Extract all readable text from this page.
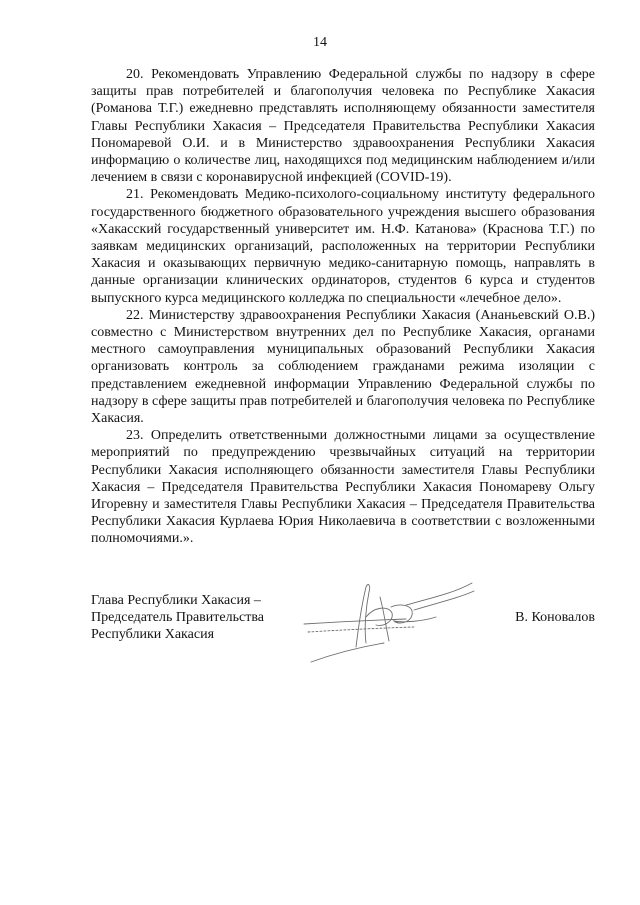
14

20. Рекомендовать Управлению Федеральной службы по надзору в сфере защиты прав потребителей и благополучия человека по Республике Хакасия (Романова Т.Г.) ежедневно представлять исполняющему обязанности заместителя Главы Республики Хакасия – Председателя Правительства Республики Хакасия Пономаревой О.И. и в Министерство здравоохранения Республики Хакасия информацию о количестве лиц, находящихся под медицинским наблюдением и/или лечением в связи с коронавирусной инфекцией (COVID-19).

21. Рекомендовать Медико-психолого-социальному институту федерального государственного бюджетного образовательного учреждения высшего образования «Хакасский государственный университет им. Н.Ф. Катанова» (Краснова Т.Г.) по заявкам медицинских организаций, расположенных на территории Республики Хакасия и оказывающих первичную медико-санитарную помощь, направлять в данные организации клинических ординаторов, студентов 6 курса и студентов выпускного курса медицинского колледжа по специальности «лечебное дело».

22. Министерству здравоохранения Республики Хакасия (Ананьевский О.В.) совместно с Министерством внутренних дел по Республике Хакасия, органами местного самоуправления муниципальных образований Республики Хакасия организовать контроль за соблюдением гражданами режима изоляции с представлением ежедневной информации Управлению Федеральной службы по надзору в сфере защиты прав потребителей и благополучия человека по Республике Хакасия.

23. Определить ответственными должностными лицами за осуществление мероприятий по предупреждению чрезвычайных ситуаций на территории Республики Хакасия исполняющего обязанности заместителя Главы Республики Хакасия – Председателя Правительства Республики Хакасия Пономареву Ольгу Игоревну и заместителя Главы Республики Хакасия – Председателя Правительства Республики Хакасия Курлаева Юрия Николаевича в соответствии с возложенными полномочиями.».

Глава Республики Хакасия –
Председатель Правительства
Республики Хакасия
В. Коновалов
